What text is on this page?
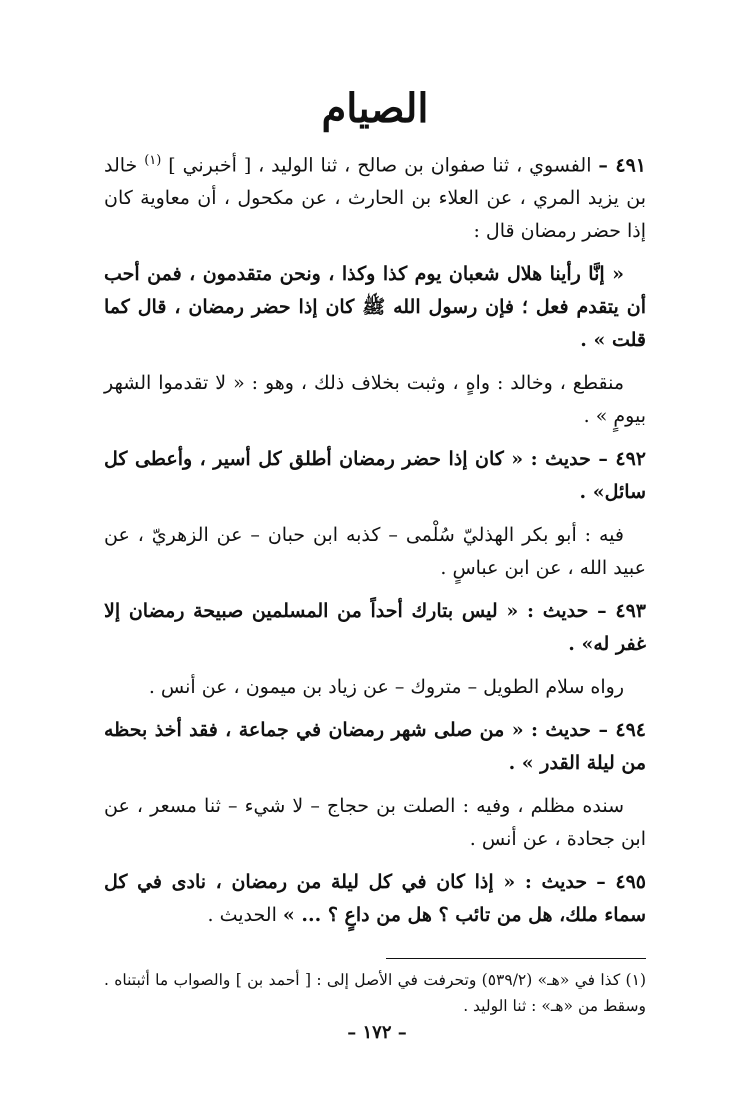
الصيام

٤٩١ – الفسوي ، ثنا صفوان بن صالح ، ثنا الوليد ، [ أخبرني ] $^{(١)}$ خالد بن يزيد المري ، عن العلاء بن الحارث ، عن مكحول ، أن معاوية كان إذا حضر رمضان قال :

« إنَّا رأينا هلال شعبان يوم كذا وكذا ، ونحن متقدمون ، فمن أحب أن يتقدم فعل ؛ فإن رسول الله ﷺ كان إذا حضر رمضان ، قال كما قلت » .

منقطع ، وخالد : واهٍ ، وثبت بخلاف ذلك ، وهو : « لا تقدموا الشهر بيومٍ » .

٤٩٢ – حديث : « كان إذا حضر رمضان أطلق كل أسير ، وأعطى كل سائل» .

فيه : أبو بكر الهذليّ سُلْمى – كذبه ابن حبان – عن الزهريّ ، عن عبيد الله ، عن ابن عباسٍ .

٤٩٣ – حديث : « ليس بتارك أحداً من المسلمين صبيحة رمضان إلا غفر له» .

رواه سلام الطويل – متروك – عن زياد بن ميمون ، عن أنس .

٤٩٤ – حديث : « من صلى شهر رمضان في جماعة ، فقد أخذ بحظه من ليلة القدر » .

سنده مظلم ، وفيه : الصلت بن حجاج – لا شيء – ثنا مسعر ، عن ابن جحادة ، عن أنس .

٤٩٥ – حديث : « إذا كان في كل ليلة من رمضان ، نادى في كل سماء ملك، هل من تائب ؟ هل من داعٍ ؟ ... » الحديث .

(١) كذا في «هـ» (٥٣٩/٢) وتحرفت في الأصل إلى : [ أحمد بن ] والصواب ما أثبتناه . وسقط من «هـ» : ثنا الوليد .

– ١٧٢ –
